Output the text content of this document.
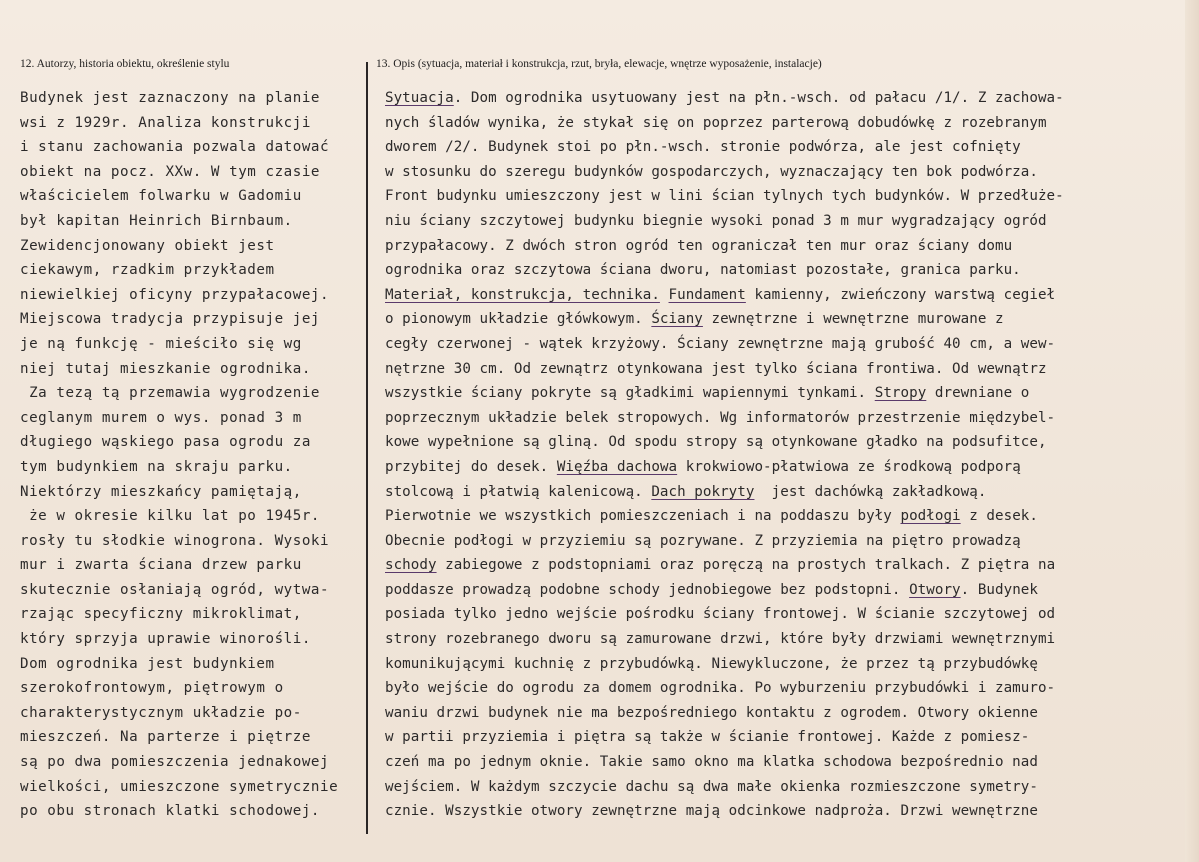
12. Autorzy, historia obiektu, określenie stylu	13. Opis (sytuacja, materiał i konstrukcja, rzut, bryła, elewacje, wnętrze wyposażenie, instalacje)
Budynek jest zaznaczony na planie
wsi z 1929r. Analiza konstrukcji
i stanu zachowania pozwala datować
obiekt na pocz. XXw. W tym czasie
właścicielem folwarku w Gadomiu
był kapitan Heinrich Birnbaum.
Zewidencjonowany obiekt jest
ciekawym, rzadkim przykładem
niewielkiej oficyny przypałacowej.
Miejscowa tradycja przypisuje jej
je ną funkcję - mieściło się wg
niej tutaj mieszkanie ogrodnika.
Za tezą tą przemawia wygrodzenie
ceglanym murem o wys. ponad 3 m
długiego wąskiego pasa ogrodu za
tym budynkiem na skraju parku.
Niektórzy mieszkańcy pamiętają,
że w okresie kilku lat po 1945r.
rosły tu słodkie winogrona. Wysoki
mur i zwarta ściana drzew parku
skutecznie osłaniają ogród, wytwa-
rzając specyficzny mikroklimat,
który sprzyja uprawie winorośli.
Dom ogrodnika jest budynkiem
szerokofrontowym, piętrowym o
charakterystycznym układzie po-
mieszczeń. Na parterze i piętrze
są po dwa pomieszczenia jednakowej
wielkości, umieszczone symetrycznie
po obu stronach klatki schodowej.
Sytuacja. Dom ogrodnika usytuowany jest na płn.-wsch. od pałacu /1/. Z zachowa-
nych śladów wynika, że stykał się on poprzez parterową dobudówkę z rozebranym
dworem /2/. Budynek stoi po płn.-wsch. stronie podwórza, ale jest cofnięty
w stosunku do szeregu budynków gospodarczych, wyznaczający ten bok podwórza.
Front budynku umieszczony jest w lini ścian tylnych tych budynków. W przedłuże-
niu ściany szczytowej budynku biegnie wysoki ponad 3 m mur wygradzający ogród
przypałacowy. Z dwóch stron ogród ten ograniczał ten mur oraz ściany domu
ogrodnika oraz szczytowa ściana dworu, natomiast pozostałe, granica parku.
Materiał, konstrukcja, technika. Fundament kamienny, zwieńczony warstwą cegieł
o pionowym układzie główkowym. Ściany zewnętrzne i wewnętrzne murowane z
cegły czerwonej - wątek krzyżowy. Ściany zewnętrzne mają grubość 40 cm, a wew-
nętrzne 30 cm. Od zewnątrz otynkowana jest tylko ściana frontiwa. Od wewnątrz
wszystkie ściany pokryte są gładkimi wapiennymi tynkami. Stropy drewniane o
poprzecznym układzie belek stropowych. Wg informatorów przestrzenie międzybel-
kowe wypełnione są gliną. Od spodu stropy są otynkowane gładko na podsufitce,
przybitej do desek. Więźba dachowa krokwiowo-płatwiowa ze środkową podporą
stolcową i płatwią kalenicową. Dach pokryty  jest dachówką zakładkową.
Pierwotnie we wszystkich pomieszczeniach i na poddaszu były podłogi z desek.
Obecnie podłogi w przyziemiu są pozrywane. Z przyziemia na piętro prowadzą
schody zabiegowe z podstopniami oraz poręczą na prostych tralkach. Z piętra na
poddasze prowadzą podobne schody jednobiegowe bez podstopni. Otwory. Budynek
posiada tylko jedno wejście pośrodku ściany frontowej. W ścianie szczytowej od
strony rozebranego dworu są zamurowane drzwi, które były drzwiami wewnętrznymi
komunikującymi kuchnię z przybudówką. Niewykluczone, że przez tą przybudówkę
było wejście do ogrodu za domem ogrodnika. Po wyburzeniu przybudówki i zamuro-
waniu drzwi budynek nie ma bezpośredniego kontaktu z ogrodem. Otwory okienne
w partii przyziemia i piętra są także w ścianie frontowej. Każde z pomiesz-
czeń ma po jednym oknie. Takie samo okno ma klatka schodowa bezpośrednio nad
wejściem. W każdym szczycie dachu są dwa małe okienka rozmieszczone symetry-
cznie. Wszystkie otwory zewnętrzne mają odcinkowe nadproża. Drzwi wewnętrzne
